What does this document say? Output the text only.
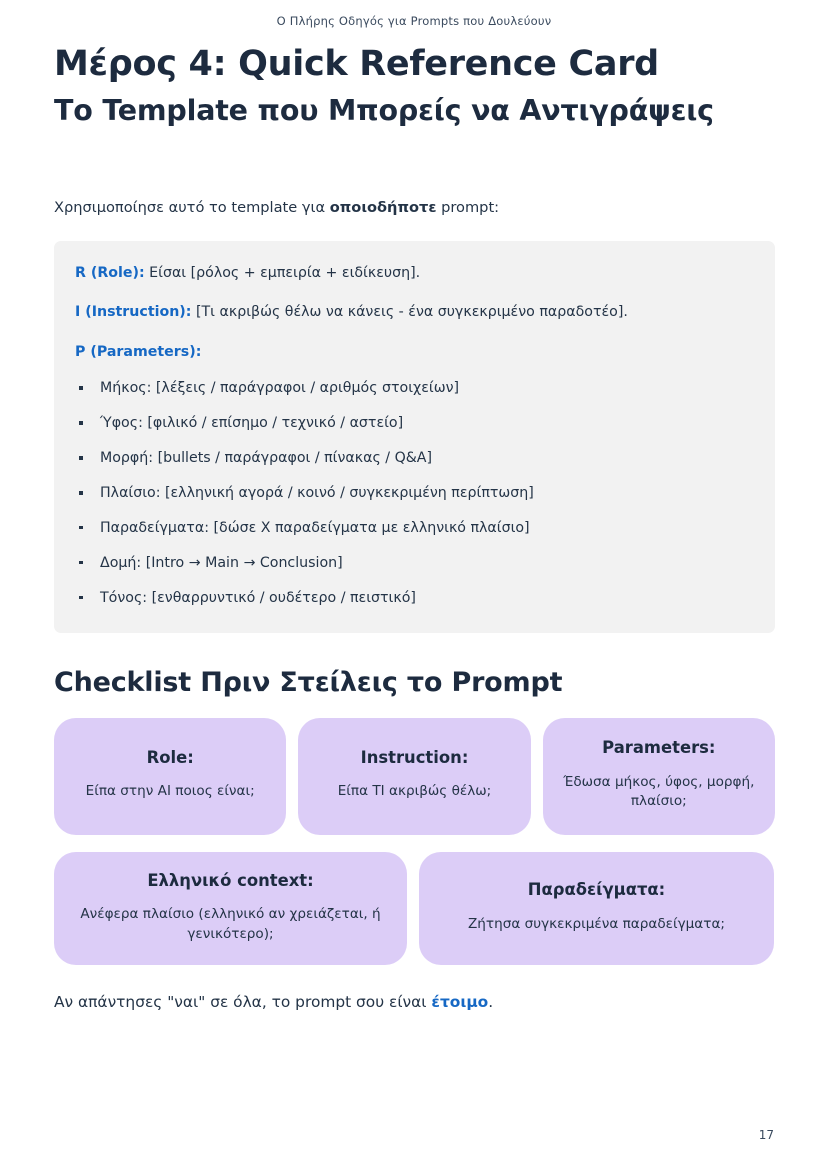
Ο Πλήρης Οδηγός για Prompts που Δουλεύουν
Μέρος 4: Quick Reference Card
Το Template που Μπορείς να Αντιγράψεις

Χρησιμοποίησε αυτό το template για οποιοδήποτε prompt:

R (Role): Είσαι [ρόλος + εμπειρία + ειδίκευση].
I (Instruction): [Τι ακριβώς θέλω να κάνεις - ένα συγκεκριμένο παραδοτέο].
P (Parameters):
Μήκος: [λέξεις / παράγραφοι / αριθμός στοιχείων]
Ύφος: [φιλικό / επίσημο / τεχνικό / αστείο]
Μορφή: [bullets / παράγραφοι / πίνακας / Q&A]
Πλαίσιο: [ελληνική αγορά / κοινό / συγκεκριμένη περίπτωση]
Παραδείγματα: [δώσε Χ παραδείγματα με ελληνικό πλαίσιο]
Δομή: [Intro → Main → Conclusion]
Τόνος: [ενθαρρυντικό / ουδέτερο / πειστικό]
Checklist Πριν Στείλεις το Prompt
Role:
Είπα στην AI ποιος είναι;
Instruction:
Είπα ΤΙ ακριβώς θέλω;
Parameters:
Έδωσα μήκος, ύφος, μορφή, πλαίσιο;
Ελληνικό context:
Ανέφερα πλαίσιο (ελληνικό αν χρειάζεται, ή γενικότερο);
Παραδείγματα:
Ζήτησα συγκεκριμένα παραδείγματα;

Αν απάντησες "ναι" σε όλα, το prompt σου είναι έτοιμο.

17
